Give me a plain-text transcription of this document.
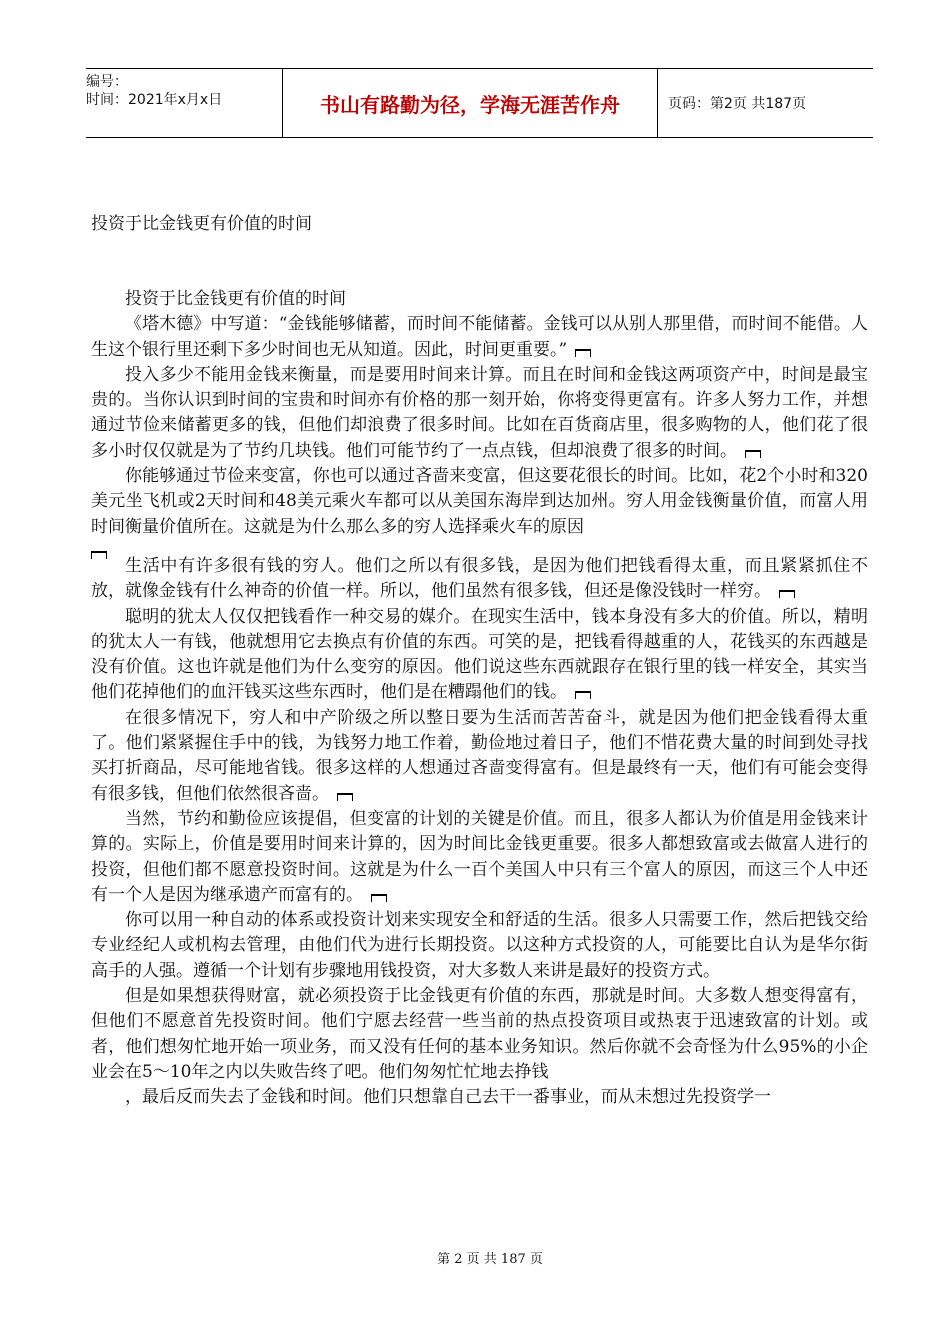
编号：
时间：2021年x月x日	书山有路勤为径，学海无涯苦作舟	页码：第2页 共187页
投资于比金钱更有价值的时间

投资于比金钱更有价值的时间

《塔木德》中写道：“金钱能够储蓄，而时间不能储蓄。金钱可以从别人那里借，而时间不能借。人生这个银行里还剩下多少时间也无从知道。因此，时间更重要。”

投入多少不能用金钱来衡量，而是要用时间来计算。而且在时间和金钱这两项资产中，时间是最宝贵的。当你认识到时间的宝贵和时间亦有价格的那一刻开始，你将变得更富有。许多人努力工作，并想通过节俭来储蓄更多的钱，但他们却浪费了很多时间。比如在百货商店里，很多购物的人，他们花了很多小时仅仅就是为了节约几块钱。他们可能节约了一点点钱，但却浪费了很多的时间。

你能够通过节俭来变富，你也可以通过吝啬来变富，但这要花很长的时间。比如，花2个小时和320美元坐飞机或2天时间和48美元乘火车都可以从美国东海岸到达加州。穷人用金钱衡量价值，而富人用时间衡量价值所在。这就是为什么那么多的穷人选择乘火车的原因

生活中有许多很有钱的穷人。他们之所以有很多钱，是因为他们把钱看得太重，而且紧紧抓住不放，就像金钱有什么神奇的价值一样。所以，他们虽然有很多钱，但还是像没钱时一样穷。

聪明的犹太人仅仅把钱看作一种交易的媒介。在现实生活中，钱本身没有多大的价值。所以，精明的犹太人一有钱，他就想用它去换点有价值的东西。可笑的是，把钱看得越重的人，花钱买的东西越是没有价值。这也许就是他们为什么变穷的原因。他们说这些东西就跟存在银行里的钱一样安全，其实当他们花掉他们的血汗钱买这些东西时，他们是在糟蹋他们的钱。

在很多情况下，穷人和中产阶级之所以整日要为生活而苦苦奋斗，就是因为他们把金钱看得太重了。他们紧紧握住手中的钱，为钱努力地工作着，勤俭地过着日子，他们不惜花费大量的时间到处寻找买打折商品，尽可能地省钱。很多这样的人想通过吝啬变得富有。但是最终有一天，他们有可能会变得有很多钱，但他们依然很吝啬。

当然，节约和勤俭应该提倡，但变富的计划的关键是价值。而且，很多人都认为价值是用金钱来计算的。实际上，价值是要用时间来计算的，因为时间比金钱更重要。很多人都想致富或去做富人进行的投资，但他们都不愿意投资时间。这就是为什么一百个美国人中只有三个富人的原因，而这三个人中还有一个人是因为继承遗产而富有的。

你可以用一种自动的体系或投资计划来实现安全和舒适的生活。很多人只需要工作，然后把钱交给专业经纪人或机构去管理，由他们代为进行长期投资。以这种方式投资的人，可能要比自认为是华尔街高手的人强。遵循一个计划有步骤地用钱投资，对大多数人来讲是最好的投资方式。

但是如果想获得财富，就必须投资于比金钱更有价值的东西，那就是时间。大多数人想变得富有，但他们不愿意首先投资时间。他们宁愿去经营一些当前的热点投资项目或热衷于迅速致富的计划。或者，他们想匆忙地开始一项业务，而又没有任何的基本业务知识。然后你就不会奇怪为什么95%的小企业会在5～10年之内以失败告终了吧。他们匆匆忙忙地去挣钱

，最后反而失去了金钱和时间。他们只想靠自己去干一番事业，而从未想过先投资学一

第 2 页 共 187 页
